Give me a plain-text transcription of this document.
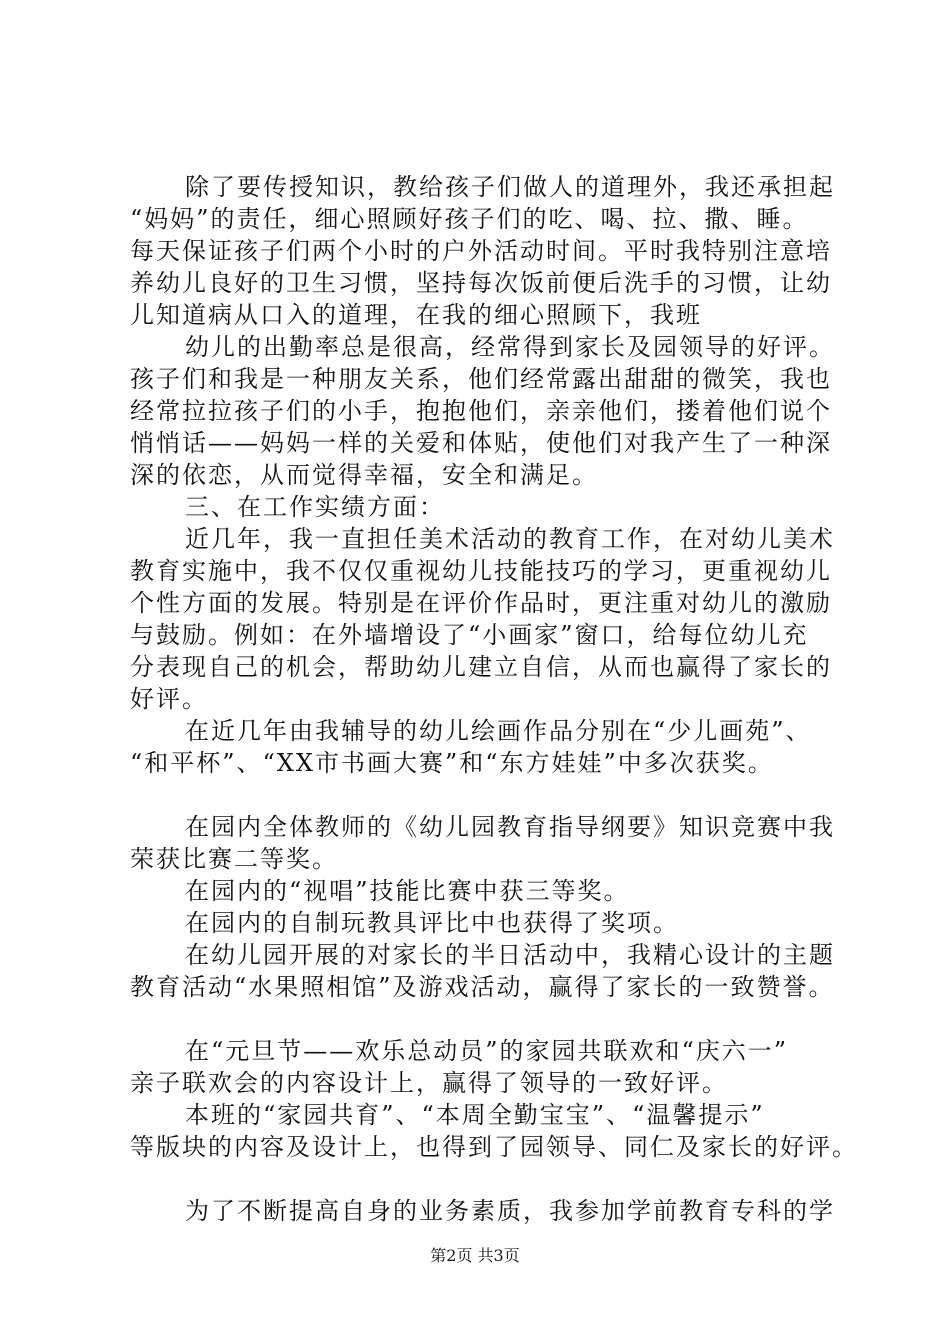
除了要传授知识，教给孩子们做人的道理外，我还承担起
“妈妈”的责任，细心照顾好孩子们的吃、喝、拉、撒、睡。
每天保证孩子们两个小时的户外活动时间。平时我特别注意培
养幼儿良好的卫生习惯，坚持每次饭前便后洗手的习惯，让幼
儿知道病从口入的道理，在我的细心照顾下，我班
幼儿的出勤率总是很高，经常得到家长及园领导的好评。
孩子们和我是一种朋友关系，他们经常露出甜甜的微笑，我也
经常拉拉孩子们的小手，抱抱他们，亲亲他们，搂着他们说个
悄悄话——妈妈一样的关爱和体贴，使他们对我产生了一种深
深的依恋，从而觉得幸福，安全和满足。
三、在工作实绩方面：
近几年，我一直担任美术活动的教育工作，在对幼儿美术
教育实施中，我不仅仅重视幼儿技能技巧的学习，更重视幼儿
个性方面的发展。特别是在评价作品时，更注重对幼儿的激励
与鼓励。例如：在外墙增设了“小画家”窗口，给每位幼儿充
分表现自己的机会，帮助幼儿建立自信，从而也赢得了家长的
好评。
在近几年由我辅导的幼儿绘画作品分别在“少儿画苑”、
“和平杯”、“XX市书画大赛”和“东方娃娃”中多次获奖。
在园内全体教师的《幼儿园教育指导纲要》知识竞赛中我
荣获比赛二等奖。
在园内的“视唱”技能比赛中获三等奖。
在园内的自制玩教具评比中也获得了奖项。
在幼儿园开展的对家长的半日活动中，我精心设计的主题
教育活动“水果照相馆”及游戏活动，赢得了家长的一致赞誉。
在“元旦节——欢乐总动员”的家园共联欢和“庆六一”
亲子联欢会的内容设计上，赢得了领导的一致好评。
本班的“家园共育”、“本周全勤宝宝”、“温馨提示”
等版块的内容及设计上，也得到了园领导、同仁及家长的好评。
为了不断提高自身的业务素质，我参加学前教育专科的学
第2页 共3页
